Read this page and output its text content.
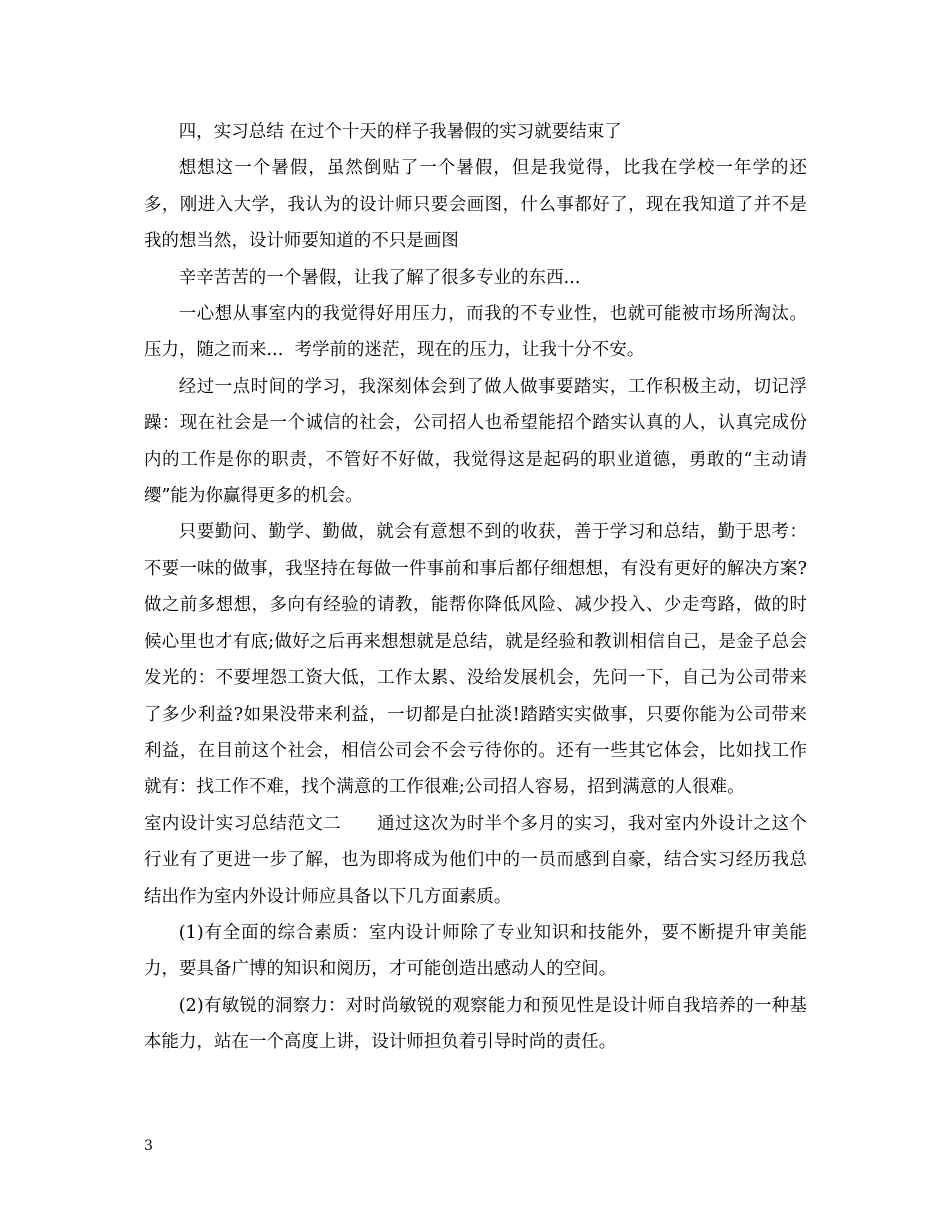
四，实习总结 在过个十天的样子我暑假的实习就要结束了

想想这一个暑假，虽然倒贴了一个暑假，但是我觉得，比我在学校一年学的还多，刚进入大学，我认为的设计师只要会画图，什么事都好了，现在我知道了并不是我的想当然，设计师要知道的不只是画图

辛辛苦苦的一个暑假，让我了解了很多专业的东西...

一心想从事室内的我觉得好用压力，而我的不专业性，也就可能被市场所淘汰。压力，随之而来...  考学前的迷茫，现在的压力，让我十分不安。

经过一点时间的学习，我深刻体会到了做人做事要踏实，工作积极主动，切记浮躁：现在社会是一个诚信的社会，公司招人也希望能招个踏实认真的人，认真完成份内的工作是你的职责，不管好不好做，我觉得这是起码的职业道德，勇敢的“主动请缨”能为你赢得更多的机会。

只要勤问、勤学、勤做，就会有意想不到的收获，善于学习和总结，勤于思考：不要一味的做事，我坚持在每做一件事前和事后都仔细想想，有没有更好的解决方案?做之前多想想，多向有经验的请教，能帮你降低风险、减少投入、少走弯路，做的时候心里也才有底;做好之后再来想想就是总结，就是经验和教训相信自己，是金子总会发光的：不要埋怨工资大低，工作太累、没给发展机会，先问一下，自己为公司带来了多少利益?如果没带来利益，一切都是白扯淡!踏踏实实做事，只要你能为公司带来利益，在目前这个社会，相信公司会不会亏待你的。还有一些其它体会，比如找工作就有：找工作不难，找个满意的工作很难;公司招人容易，招到满意的人很难。

室内设计实习总结范文二　　通过这次为时半个多月的实习，我对室内外设计之这个行业有了更进一步了解，也为即将成为他们中的一员而感到自豪，结合实习经历我总结出作为室内外设计师应具备以下几方面素质。

(1)有全面的综合素质：室内设计师除了专业知识和技能外，要不断提升审美能力，要具备广博的知识和阅历，才可能创造出感动人的空间。

(2)有敏锐的洞察力：对时尚敏锐的观察能力和预见性是设计师自我培养的一种基本能力，站在一个高度上讲，设计师担负着引导时尚的责任。

3
